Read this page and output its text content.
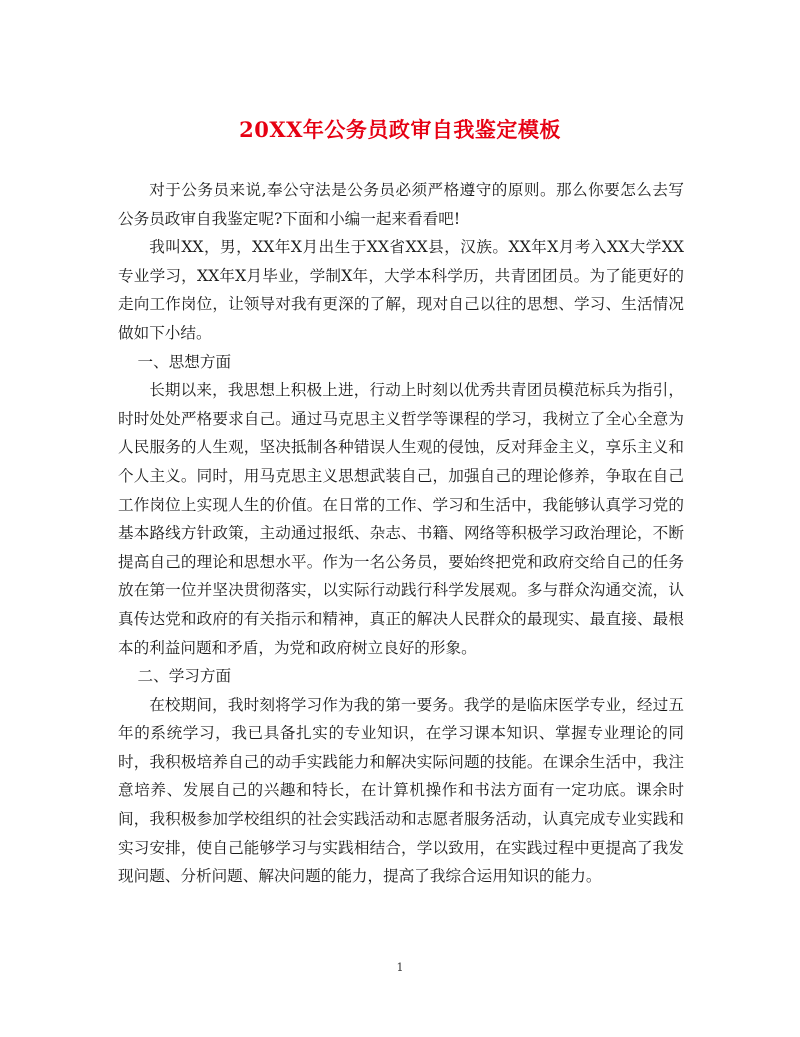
20XX年公务员政审自我鉴定模板

对于公务员来说,奉公守法是公务员必须严格遵守的原则。那么你要怎么去写公务员政审自我鉴定呢?下面和小编一起来看看吧!

我叫XX，男，XX年X月出生于XX省XX县，汉族。XX年X月考入XX大学XX专业学习，XX年X月毕业，学制X年，大学本科学历，共青团团员。为了能更好的走向工作岗位，让领导对我有更深的了解，现对自己以往的思想、学习、生活情况做如下小结。

一、思想方面

长期以来，我思想上积极上进，行动上时刻以优秀共青团员模范标兵为指引，时时处处严格要求自己。通过马克思主义哲学等课程的学习，我树立了全心全意为人民服务的人生观，坚决抵制各种错误人生观的侵蚀，反对拜金主义，享乐主义和个人主义。同时，用马克思主义思想武装自己，加强自己的理论修养，争取在自己工作岗位上实现人生的价值。在日常的工作、学习和生活中，我能够认真学习党的基本路线方针政策，主动通过报纸、杂志、书籍、网络等积极学习政治理论，不断提高自己的理论和思想水平。作为一名公务员，要始终把党和政府交给自己的任务放在第一位并坚决贯彻落实，以实际行动践行科学发展观。多与群众沟通交流，认真传达党和政府的有关指示和精神，真正的解决人民群众的最现实、最直接、最根本的利益问题和矛盾，为党和政府树立良好的形象。

二、学习方面

在校期间，我时刻将学习作为我的第一要务。我学的是临床医学专业，经过五年的系统学习，我已具备扎实的专业知识，在学习课本知识、掌握专业理论的同时，我积极培养自己的动手实践能力和解决实际问题的技能。在课余生活中，我注意培养、发展自己的兴趣和特长，在计算机操作和书法方面有一定功底。课余时间，我积极参加学校组织的社会实践活动和志愿者服务活动，认真完成专业实践和实习安排，使自己能够学习与实践相结合，学以致用，在实践过程中更提高了我发现问题、分析问题、解决问题的能力，提高了我综合运用知识的能力。

1
